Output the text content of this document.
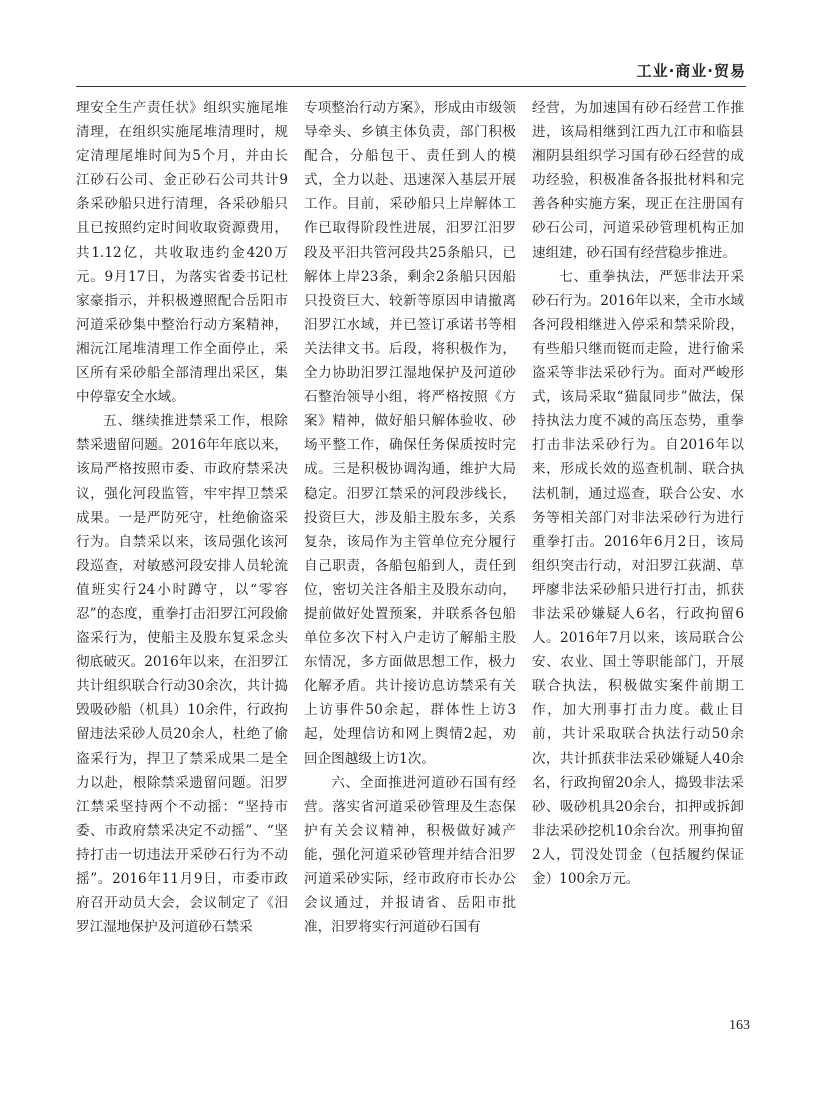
工业·商业·贸易

理安全生产责任状》组织实施尾堆清理，在组织实施尾堆清理时，规定清理尾堆时间为5个月，并由长江砂石公司、金正砂石公司共计9条采砂船只进行清理，各采砂船只且已按照约定时间收取资源费用，共1.12亿，共收取违约金420万元。9月17日，为落实省委书记杜家豪指示，并积极遵照配合岳阳市河道采砂集中整治行动方案精神，湘沅江尾堆清理工作全面停止，采区所有采砂船全部清理出采区，集中停靠安全水域。

五、继续推进禁采工作，根除禁采遗留问题。2016年年底以来，该局严格按照市委、市政府禁采决议，强化河段监管，牢牢捍卫禁采成果。一是严防死守，杜绝偷盗采行为。自禁采以来，该局强化该河段巡查，对敏感河段安排人员轮流值班实行24小时蹲守，以“零容忍”的态度，重拳打击汨罗江河段偷盗采行为，使船主及股东复采念头彻底破灭。2016年以来，在汨罗江共计组织联合行动30余次，共计捣毁吸砂船（机具）10余件，行政拘留违法采砂人员20余人，杜绝了偷盗采行为，捍卫了禁采成果二是全力以赴，根除禁采遗留问题。汨罗江禁采坚持两个不动摇：“坚持市委、市政府禁采决定不动摇”、“坚持打击一切违法开采砂石行为不动摇”。2016年11月9日，市委市政府召开动员大会，会议制定了《汨罗江湿地保护及河道砂石禁采

专项整治行动方案》，形成由市级领导牵头、乡镇主体负责，部门积极配合，分船包干、责任到人的模式，全力以赴、迅速深入基层开展工作。目前，采砂船只上岸解体工作已取得阶段性进展，汨罗江汨罗段及平汨共管河段共25条船只，已解体上岸23条，剩余2条船只因船只投资巨大、较新等原因申请撤离汨罗江水域，并已签订承诺书等相关法律文书。后段，将积极作为，全力协助汨罗江湿地保护及河道砂石整治领导小组，将严格按照《方案》精神，做好船只解体验收、砂场平整工作，确保任务保质按时完成。三是积极协调沟通，维护大局稳定。汨罗江禁采的河段涉线长，投资巨大，涉及船主股东多，关系复杂，该局作为主管单位充分履行自己职责，各船包船到人，责任到位，密切关注各船主及股东动向，提前做好处置预案，并联系各包船单位多次下村入户走访了解船主股东情况，多方面做思想工作，极力化解矛盾。共计接访息访禁采有关上访事件50余起，群体性上访3起，处理信访和网上舆情2起，劝回企图越级上访1次。

六、全面推进河道砂石国有经营。落实省河道采砂管理及生态保护有关会议精神，积极做好减产能，强化河道采砂管理并结合汨罗河道采砂实际，经市政府市长办公会议通过，并报请省、岳阳市批准，汨罗将实行河道砂石国有

经营，为加速国有砂石经营工作推进，该局相继到江西九江市和临县湘阴县组织学习国有砂石经营的成功经验，积极准备各报批材料和完善各种实施方案，现正在注册国有砂石公司，河道采砂管理机构正加速组建，砂石国有经营稳步推进。

七、重拳执法，严惩非法开采砂石行为。2016年以来，全市水域各河段相继进入停采和禁采阶段，有些船只继而铤而走险，进行偷采盗采等非法采砂行为。面对严峻形式，该局采取“猫鼠同步”做法，保持执法力度不减的高压态势，重拳打击非法采砂行为。自2016年以来，形成长效的巡查机制、联合执法机制，通过巡查，联合公安、水务等相关部门对非法采砂行为进行重拳打击。2016年6月2日，该局组织突击行动，对汨罗江荻湖、草坪廖非法采砂船只进行打击，抓获非法采砂嫌疑人6名，行政拘留6人。2016年7月以来，该局联合公安、农业、国土等职能部门，开展联合执法，积极做实案件前期工作，加大刑事打击力度。截止目前，共计采取联合执法行动50余次，共计抓获非法采砂嫌疑人40余名，行政拘留20余人，捣毁非法采砂、吸砂机具20余台，扣押或拆卸非法采砂挖机10余台次。刑事拘留2人，罚没处罚金（包括履约保证金）100余万元。

163
